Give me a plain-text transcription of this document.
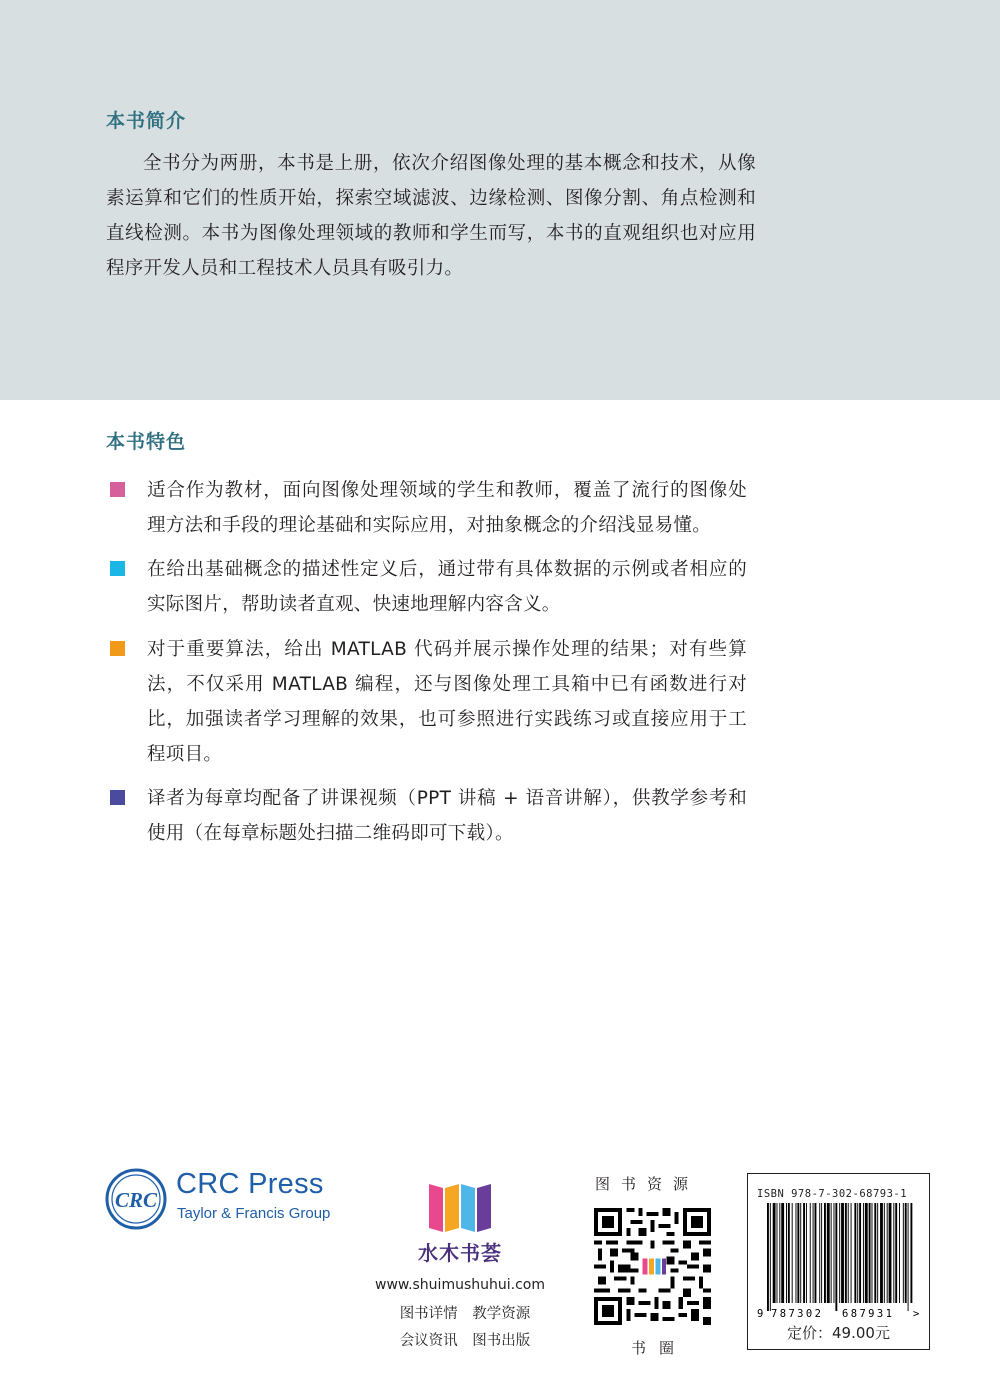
本书简介

全书分为两册，本书是上册，依次介绍图像处理的基本概念和技术，从像素运算和它们的性质开始，探索空域滤波、边缘检测、图像分割、角点检测和直线检测。本书为图像处理领域的教师和学生而写，本书的直观组织也对应用程序开发人员和工程技术人员具有吸引力。

本书特色

适合作为教材，面向图像处理领域的学生和教师，覆盖了流行的图像处理方法和手段的理论基础和实际应用，对抽象概念的介绍浅显易懂。

在给出基础概念的描述性定义后，通过带有具体数据的示例或者相应的实际图片，帮助读者直观、快速地理解内容含义。

对于重要算法，给出 MATLAB 代码并展示操作处理的结果；对有些算法，不仅采用 MATLAB 编程，还与图像处理工具箱中已有函数进行对比，加强读者学习理解的效果，也可参照进行实践练习或直接应用于工程项目。

译者为每章均配备了讲课视频（PPT 讲稿 + 语音讲解），供教学参考和使用（在每章标题处扫描二维码即可下载）。

CRC CRC Press
Taylor & Francis Group
水木书荟
www.shuimushuhui.com
图书详情 教学资源
会议资讯 图书出版
图书资源
书圈
ISBN 978-7-302-68793-1
9 787302 687931 >
定价：49.00元
